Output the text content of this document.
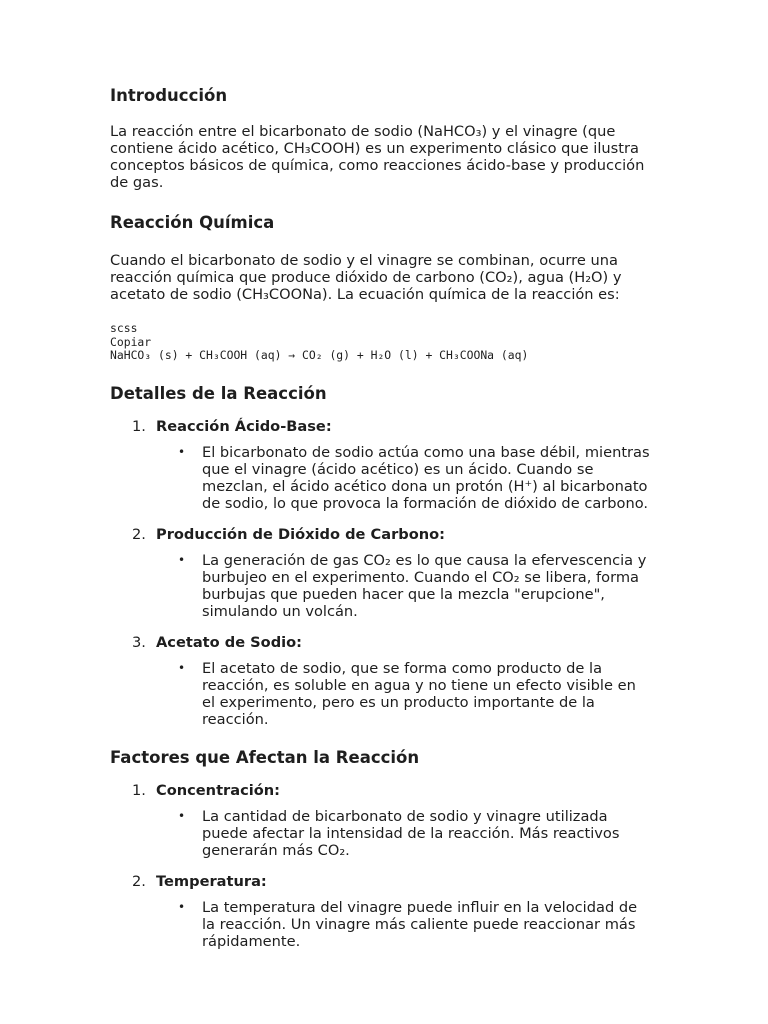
Introducción

La reacción entre el bicarbonato de sodio (NaHCO₃) y el vinagre (que contiene ácido acético, CH₃COOH) es un experimento clásico que ilustra conceptos básicos de química, como reacciones ácido-base y producción de gas.

Reacción Química

Cuando el bicarbonato de sodio y el vinagre se combinan, ocurre una reacción química que produce dióxido de carbono (CO₂), agua (H₂O) y acetato de sodio (CH₃COONa). La ecuación química de la reacción es:

scss
Copiar
NaHCO₃ (s) + CH₃COOH (aq) → CO₂ (g) + H₂O (l) + CH₃COONa (aq)
Detalles de la Reacción
1. Reacción Ácido-Base:
• El bicarbonato de sodio actúa como una base débil, mientras que el vinagre (ácido acético) es un ácido. Cuando se mezclan, el ácido acético dona un protón (H⁺) al bicarbonato de sodio, lo que provoca la formación de dióxido de carbono.
2. Producción de Dióxido de Carbono:
• La generación de gas CO₂ es lo que causa la efervescencia y burbujeo en el experimento. Cuando el CO₂ se libera, forma burbujas que pueden hacer que la mezcla "erupcione", simulando un volcán.
3. Acetato de Sodio:
• El acetato de sodio, que se forma como producto de la reacción, es soluble en agua y no tiene un efecto visible en el experimento, pero es un producto importante de la reacción.
Factores que Afectan la Reacción
1. Concentración:
• La cantidad de bicarbonato de sodio y vinagre utilizada puede afectar la intensidad de la reacción. Más reactivos generarán más CO₂.
2. Temperatura:
• La temperatura del vinagre puede influir en la velocidad de la reacción. Un vinagre más caliente puede reaccionar más rápidamente.
